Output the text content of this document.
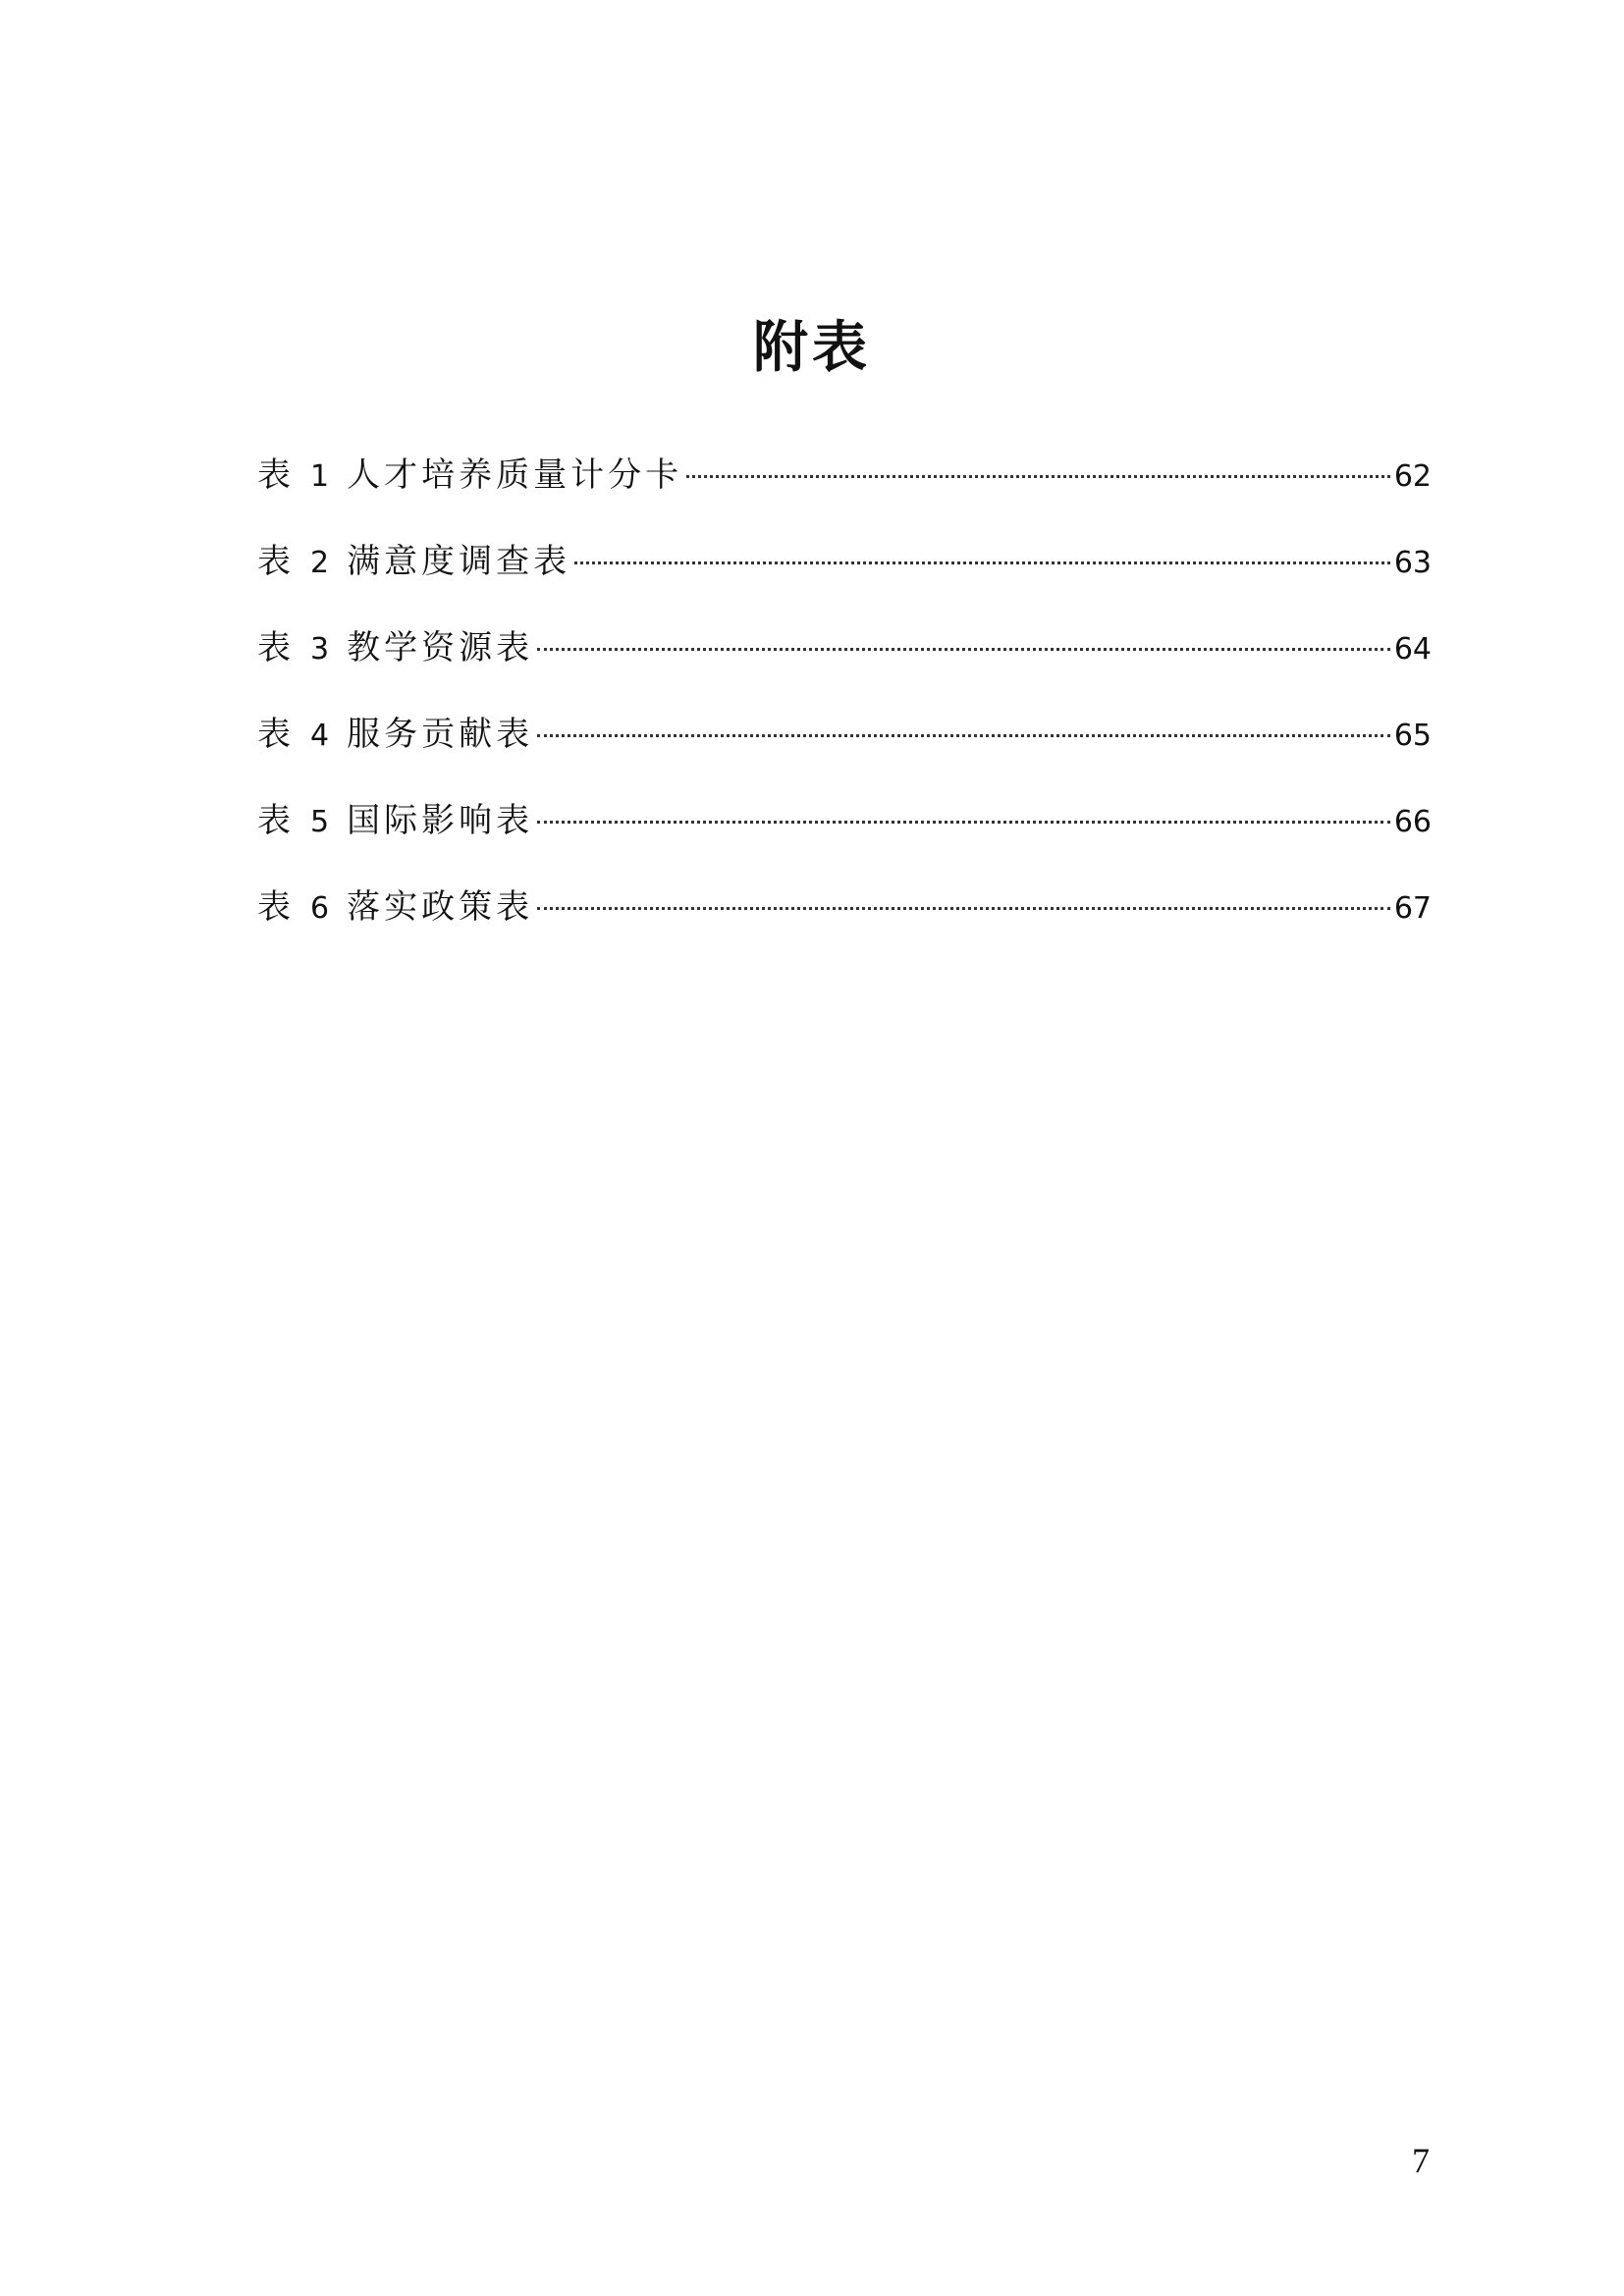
附表
表 1 人才培养质量计分卡	62
表 2 满意度调查表	63
表 3 教学资源表	64
表 4 服务贡献表	65
表 5 国际影响表	66
表 6 落实政策表	67
7
